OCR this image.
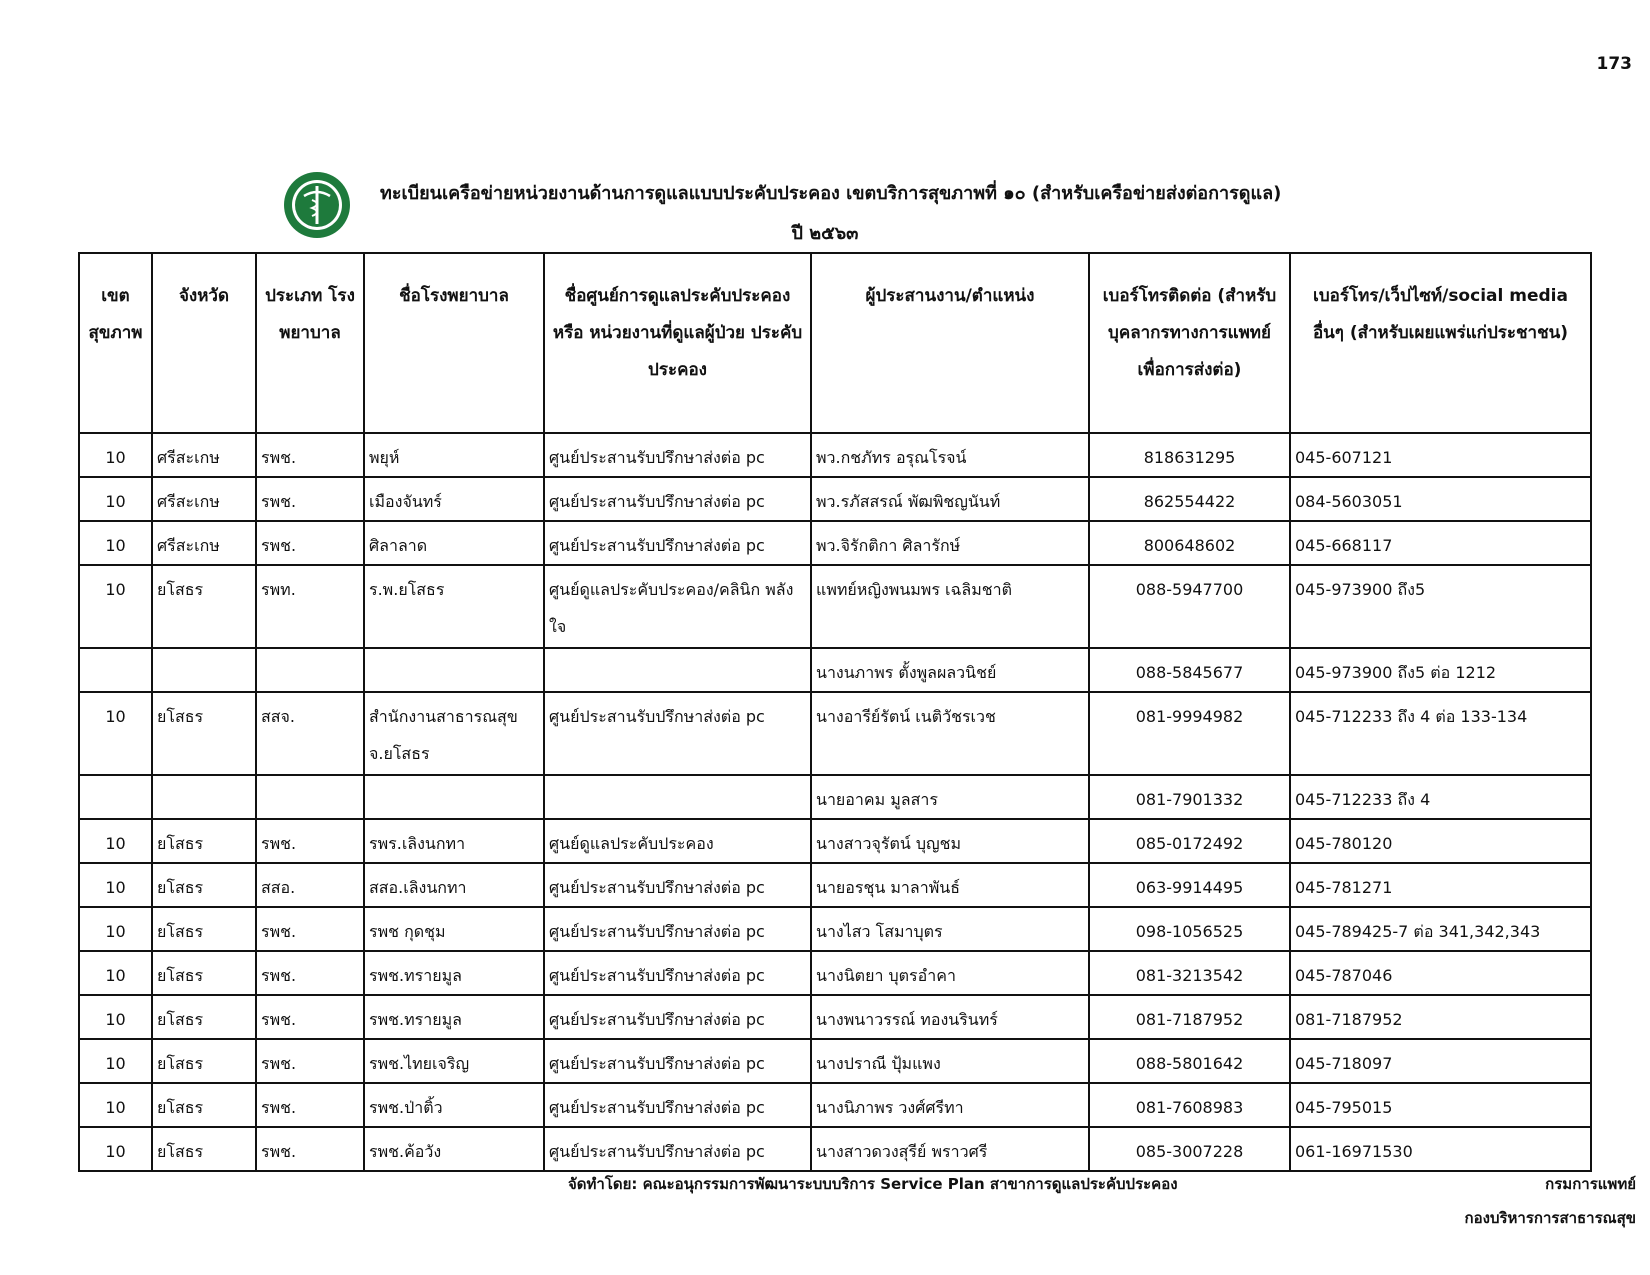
173
ทะเบียนเครือข่ายหน่วยงานด้านการดูแลแบบประคับประคอง เขตบริการสุขภาพที่ ๑๐ (สำหรับเครือข่ายส่งต่อการดูแล)
ปี ๒๕๖๓
เขต สุขภาพ	จังหวัด	ประเภท โรงพยาบาล	ชื่อโรงพยาบาล	ชื่อศูนย์การดูแลประคับประคอง หรือ หน่วยงานที่ดูแลผู้ป่วย ประคับประคอง	ผู้ประสานงาน/ตำแหน่ง	เบอร์โทรติดต่อ (สำหรับ บุคลากรทางการแพทย์ เพื่อการส่งต่อ)	เบอร์โทร/เว็ปไซท์/social media อื่นๆ (สำหรับเผยแพร่แก่ประชาชน)
10	ศรีสะเกษ	รพช.	พยุห์	ศูนย์ประสานรับปรึกษาส่งต่อ pc	พว.กชภัทร อรุณโรจน์	818631295	045-607121
10	ศรีสะเกษ	รพช.	เมืองจันทร์	ศูนย์ประสานรับปรึกษาส่งต่อ pc	พว.รภัสสรณ์ พัฒพิชญนันท์	862554422	084-5603051
10	ศรีสะเกษ	รพช.	ศิลาลาด	ศูนย์ประสานรับปรึกษาส่งต่อ pc	พว.จิรักติกา ศิลารักษ์	800648602	045-668117
10	ยโสธร	รพท.	ร.พ.ยโสธร	ศูนย์ดูแลประคับประคอง/คลินิก พลังใจ	แพทย์หญิงพนมพร เฉลิมชาติ	088-5947700	045-973900 ถึง5
					นางนภาพร ตั้งพูลผลวนิชย์	088-5845677	045-973900 ถึง5 ต่อ 1212
10	ยโสธร	สสจ.	สำนักงานสาธารณสุข จ.ยโสธร	ศูนย์ประสานรับปรึกษาส่งต่อ pc	นางอารีย์รัตน์ เนติวัชรเวช	081-9994982	045-712233 ถึง 4 ต่อ 133-134
					นายอาคม มูลสาร	081-7901332	045-712233 ถึง 4
10	ยโสธร	รพช.	รพร.เลิงนกทา	ศูนย์ดูแลประคับประคอง	นางสาวจุรัตน์ บุญชม	085-0172492	045-780120
10	ยโสธร	สสอ.	สสอ.เลิงนกทา	ศูนย์ประสานรับปรึกษาส่งต่อ pc	นายอรชุน มาลาพันธ์	063-9914495	045-781271
10	ยโสธร	รพช.	รพช กุดชุม	ศูนย์ประสานรับปรึกษาส่งต่อ pc	นางไสว โสมาบุตร	098-1056525	045-789425-7 ต่อ 341,342,343
10	ยโสธร	รพช.	รพช.ทรายมูล	ศูนย์ประสานรับปรึกษาส่งต่อ pc	นางนิตยา บุตรอำคา	081-3213542	045-787046
10	ยโสธร	รพช.	รพช.ทรายมูล	ศูนย์ประสานรับปรึกษาส่งต่อ pc	นางพนาวรรณ์ ทองนรินทร์	081-7187952	081-7187952
10	ยโสธร	รพช.	รพช.ไทยเจริญ	ศูนย์ประสานรับปรึกษาส่งต่อ pc	นางปราณี ปุ้มแพง	088-5801642	045-718097
10	ยโสธร	รพช.	รพช.ป่าติ้ว	ศูนย์ประสานรับปรึกษาส่งต่อ pc	นางนิภาพร วงศ์ศรีทา	081-7608983	045-795015
10	ยโสธร	รพช.	รพช.ค้อวัง	ศูนย์ประสานรับปรึกษาส่งต่อ pc	นางสาวดวงสุรีย์ พราวศรี	085-3007228	061-16971530
จัดทำโดย: คณะอนุกรรมการพัฒนาระบบบริการ Service Plan สาขาการดูแลประคับประคอง	กรมการแพทย์
กองบริหารการสาธารณสุข
